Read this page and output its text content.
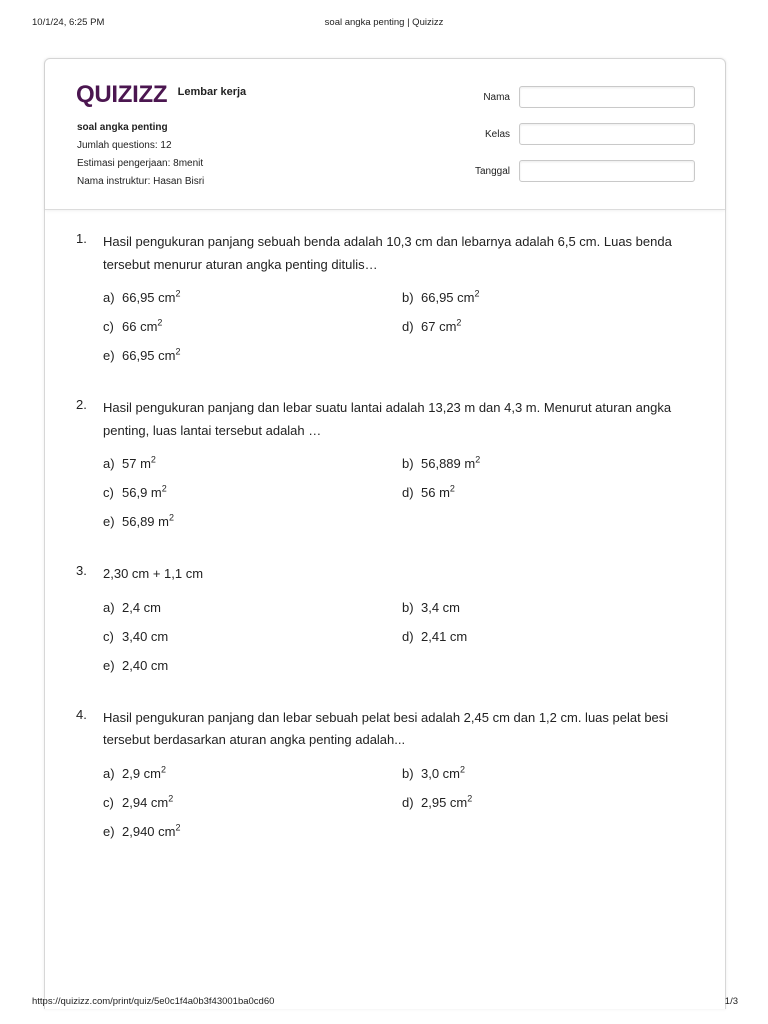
10/1/24, 6:25 PM	soal angka penting | Quizizz
QUIZIZZ Lembar kerja
soal angka penting
Jumlah questions: 12
Estimasi pengerjaan: 8menit
Nama instruktur: Hasan Bisri
Nama
Kelas
Tanggal
1. Hasil pengukuran panjang sebuah benda adalah 10,3 cm dan lebarnya adalah 6,5 cm. Luas benda tersebut menurur aturan angka penting ditulis…
a) 66,95 $cm^2$	b) 66,95 $cm^2$
c) 66 $cm^2$	d) 67 $cm^2$
e) 66,95 $cm^2$
2. Hasil pengukuran panjang dan lebar suatu lantai adalah 13,23 m dan 4,3 m. Menurut aturan angka penting, luas lantai tersebut adalah …
a) 57 $m^2$	b) 56,889 $m^2$
c) 56,9 $m^2$	d) 56 $m^2$
e) 56,89 $m^2$
3. 2,30 cm + 1,1 cm
a) 2,4 cm	b) 3,4 cm
c) 3,40 cm	d) 2,41 cm
e) 2,40 cm
4. Hasil pengukuran panjang dan lebar sebuah pelat besi adalah 2,45 cm dan 1,2 cm. luas pelat besi tersebut berdasarkan aturan angka penting adalah...
a) 2,9 $cm^2$	b) 3,0 $cm^2$
c) 2,94 $cm^2$	d) 2,95 $cm^2$
e) 2,940 $cm^2$
https://quizizz.com/print/quiz/5e0c1f4a0b3f43001ba0cd60	1/3
